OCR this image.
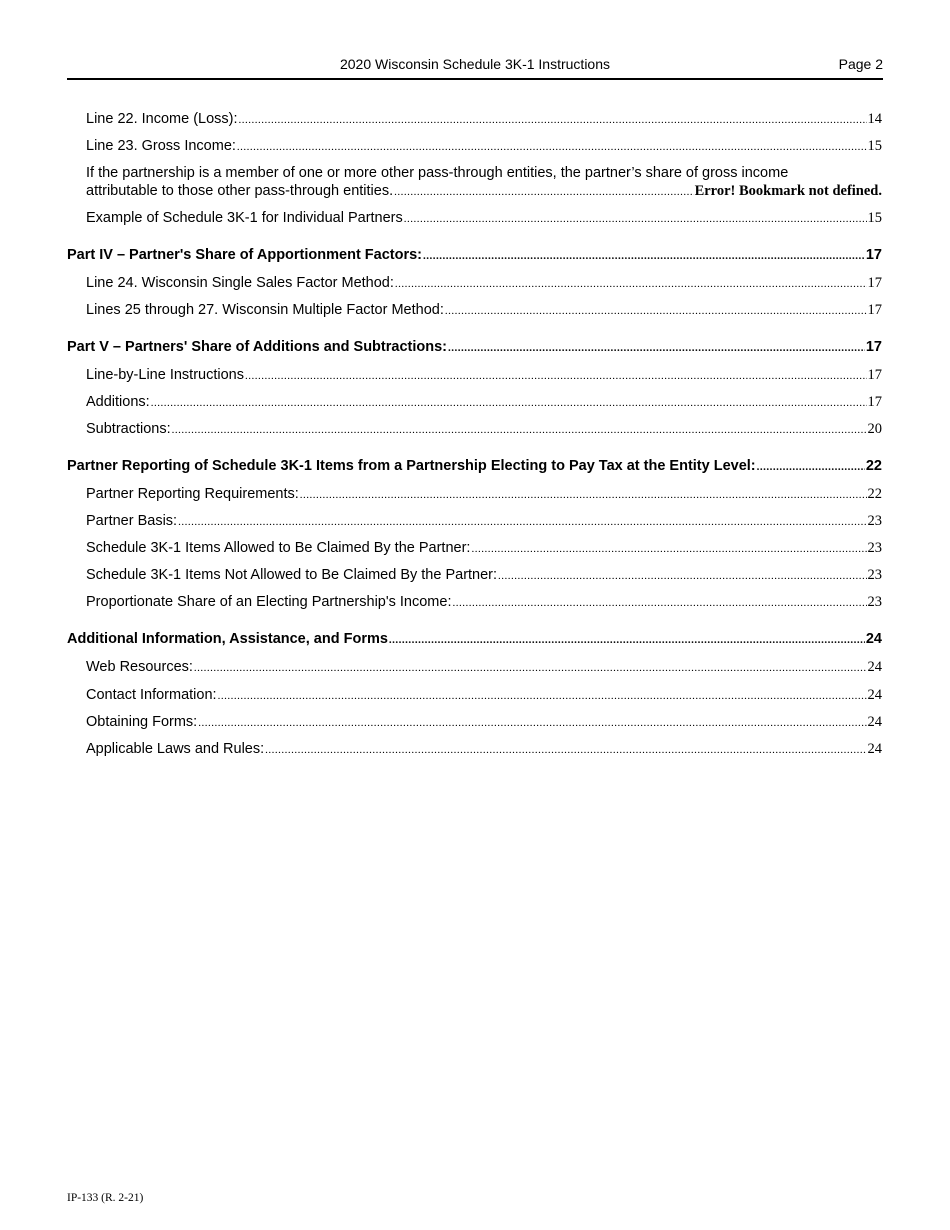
2020 Wisconsin Schedule 3K-1 Instructions	Page 2
Line 22. Income (Loss): .....	14
Line 23. Gross Income: .....	15
If the partnership is a member of one or more other pass-through entities, the partner’s share of gross income
attributable to those other pass-through entities. .....	Error! Bookmark not defined.
Example of Schedule 3K-1 for Individual Partners .....	15
Part IV – Partner's Share of Apportionment Factors: .....	17
Line 24. Wisconsin Single Sales Factor Method: .....	17
Lines 25 through 27. Wisconsin Multiple Factor Method: .....	17
Part V – Partners' Share of Additions and Subtractions: .....	17
Line-by-Line Instructions .....	17
Additions: .....	17
Subtractions: .....	20
Partner Reporting of Schedule 3K-1 Items from a Partnership Electing to Pay Tax at the Entity Level: .....	22
Partner Reporting Requirements: .....	22
Partner Basis: .....	23
Schedule 3K-1 Items Allowed to Be Claimed By the Partner: .....	23
Schedule 3K-1 Items Not Allowed to Be Claimed By the Partner: .....	23
Proportionate Share of an Electing Partnership's Income: .....	23
Additional Information, Assistance, and Forms .....	24
Web Resources: .....	24
Contact Information: .....	24
Obtaining Forms: .....	24
Applicable Laws and Rules: .....	24
IP-133 (R. 2-21)
